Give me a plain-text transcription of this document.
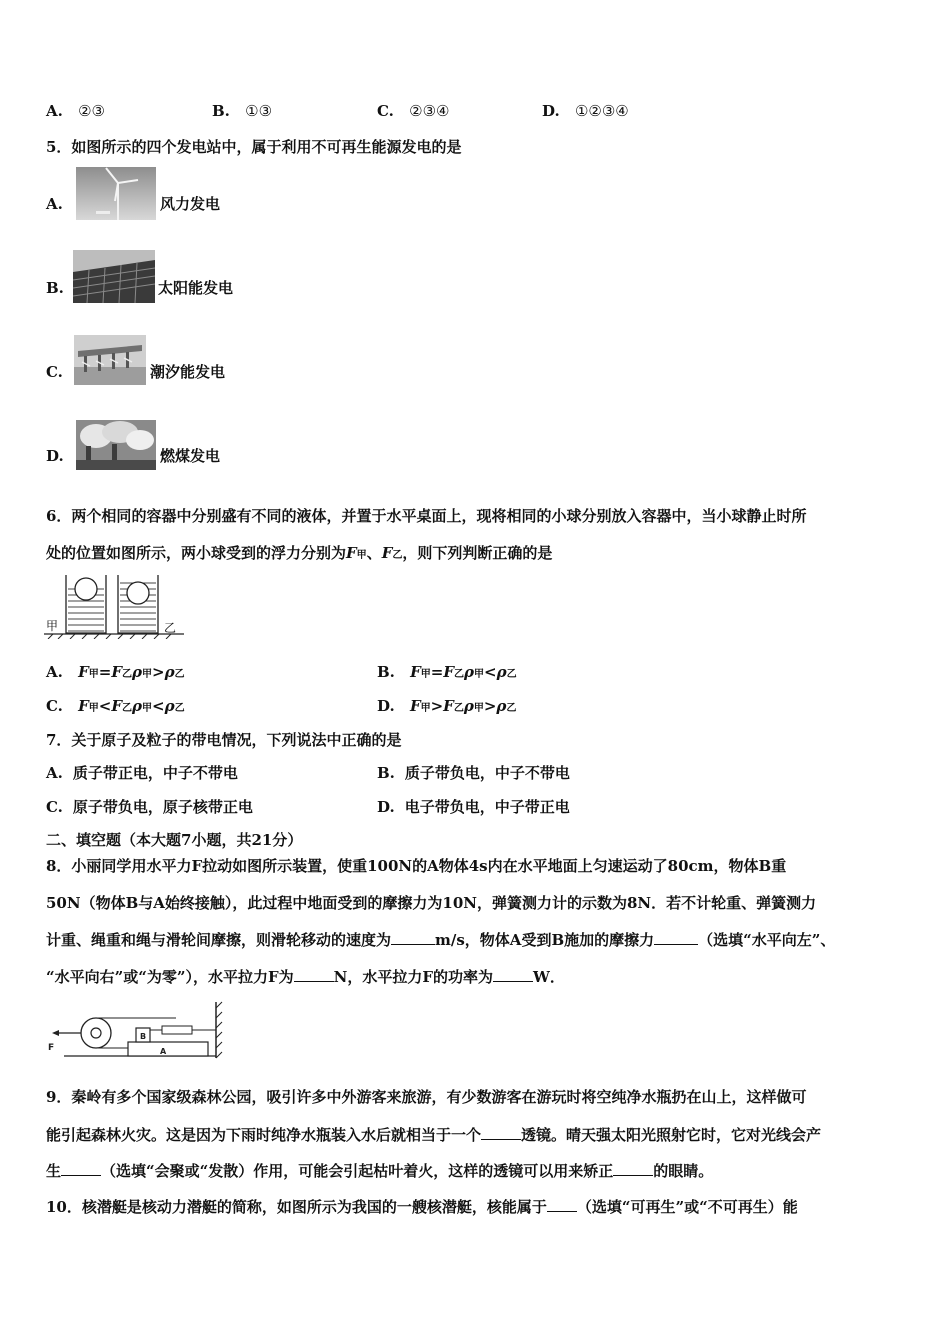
A. ②③	B. ①③	C. ②③④	D. ①②③④
5．如图所示的四个发电站中，属于利用不可再生能源发电的是
A.	风力发电
B.	太阳能发电
C.	潮汐能发电
D.	燃煤发电
6．两个相同的容器中分别盛有不同的液体，并置于水平桌面上，现将相同的小球分别放入容器中，当小球静止时所
处的位置如图所示，两小球受到的浮力分别为F甲、F乙，则下列判断正确的是
甲	乙
A. F甲=F乙ρ甲>ρ乙	B. F甲=F乙ρ甲<ρ乙
C. F甲<F乙ρ甲<ρ乙	D. F甲>F乙ρ甲>ρ乙
7．关于原子及粒子的带电情况，下列说法中正确的是
A. 质子带正电，中子不带电	B. 质子带负电，中子不带电
C. 原子带负电，原子核带正电	D. 电子带负电，中子带正电
二、填空题（本大题7小题，共21分）
8．小丽同学用水平力F拉动如图所示装置，使重100N的A物体4s内在水平地面上匀速运动了80cm，物体B重
50N（物体B与A始终接触），此过程中地面受到的摩擦力为10N，弹簧测力计的示数为8N．若不计轮重、弹簧测力
计重、绳重和绳与滑轮间摩擦，则滑轮移动的速度为	m/s，物体A受到B施加的摩擦力	（选填“水平向左”、
“水平向右”或“为零”），水平拉力F为	N，水平拉力F的功率为	W．
F
B
A
9．秦岭有多个国家级森林公园，吸引许多中外游客来旅游，有少数游客在游玩时将空纯净水瓶扔在山上，这样做可
能引起森林火灾。这是因为下雨时纯净水瓶装入水后就相当于一个	透镜。晴天强太阳光照射它时，它对光线会产
生	（选填“会聚或“发散）作用，可能会引起枯叶着火，这样的透镜可以用来矫正	的眼睛。
10．核潜艇是核动力潜艇的简称，如图所示为我国的一艘核潜艇，核能属于 （选填“可再生”或“不可再生）能
